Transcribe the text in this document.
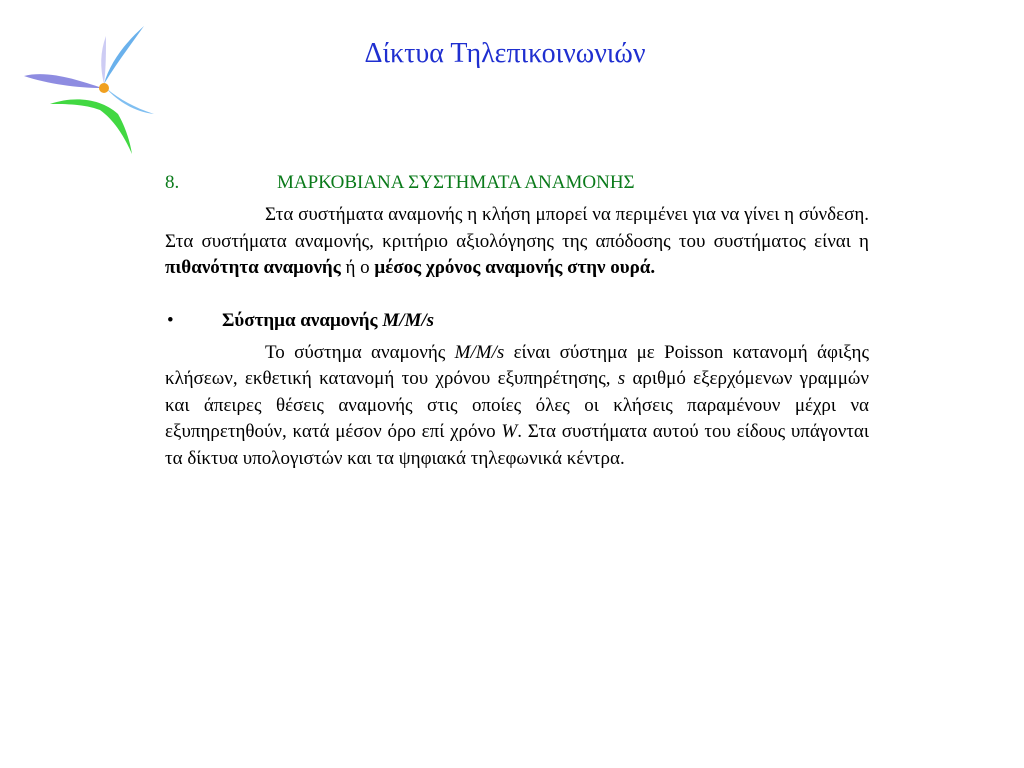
Δίκτυα Τηλεπικοινωνιών
8.	ΜΑΡΚΟΒΙΑΝΑ ΣΥΣΤΗΜΑΤΑ ΑΝΑΜΟΝΗΣ

Στα συστήματα αναμονής η κλήση μπορεί να περιμένει για να γίνει η σύνδεση. Στα συστήματα αναμονής, κριτήριο αξιολόγησης της απόδοσης του συστήματος είναι η πιθανότητα αναμονής ή ο μέσος χρόνος αναμονής στην ουρά.

•	Σύστημα αναμονής M/M/s

Το σύστημα αναμονής M/M/s είναι σύστημα με Poisson κατανομή άφιξης κλήσεων, εκθετική κατανομή του χρόνου εξυπηρέτησης, s αριθμό εξερχόμενων γραμμών και άπειρες θέσεις αναμονής στις οποίες όλες οι κλήσεις παραμένουν μέχρι να εξυπηρετηθούν, κατά μέσον όρο επί χρόνο W. Στα συστήματα αυτού του είδους υπάγονται τα δίκτυα υπολογιστών και τα ψηφιακά τηλεφωνικά κέντρα.
